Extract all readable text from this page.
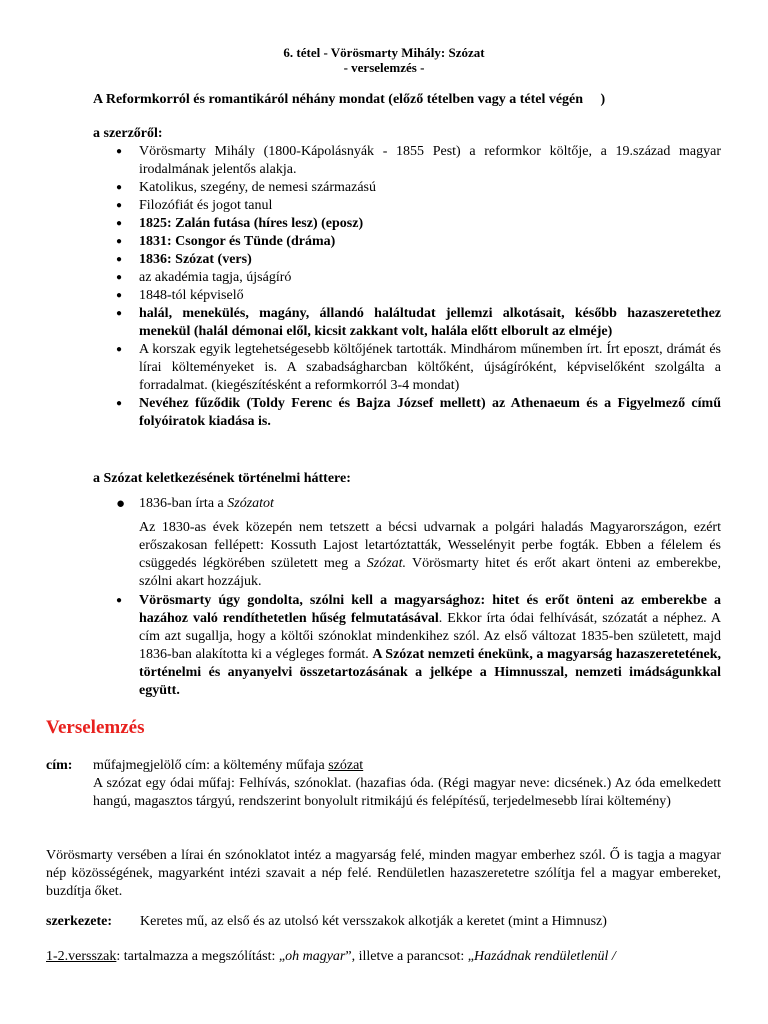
6. tétel - Vörösmarty Mihály: Szózat
- verselemzés -
A Reformkorról és romantikáról néhány mondat (előző tételben vagy a tétel végén     )
a szerzőről:
● Vörösmarty Mihály (1800-Kápolásnyák - 1855 Pest) a reformkor költője, a 19.század magyar irodalmának jelentős alakja.
● Katolikus, szegény, de nemesi származású
● Filozófiát és jogot tanul
● 1825: Zalán futása (híres lesz) (eposz)
● 1831: Csongor és Tünde (dráma)
● 1836: Szózat (vers)
● az akadémia tagja, újságíró
● 1848-tól képviselő
● halál, menekülés, magány, állandó haláltudat jellemzi alkotásait, később hazaszeretethez menekül (halál démonai elől, kicsit zakkant volt, halála előtt elborult az elméje)
● A korszak egyik legtehetségesebb költőjének tartották. Mindhárom műnemben írt. Írt eposzt, drámát és lírai költeményeket is. A szabadságharcban költőként, újságíróként, képviselőként szolgálta a forradalmat. (kiegészítésként a reformkorról 3-4 mondat)
● Nevéhez fűződik (Toldy Ferenc és Bajza József mellett) az Athenaeum és a Figyelmező című folyóiratok kiadása is.
a Szózat keletkezésének történelmi háttere:
● 1836-ban írta a Szózatot
Az 1830-as évek közepén nem tetszett a bécsi udvarnak a polgári haladás Magyarországon, ezért erőszakosan fellépett: Kossuth Lajost letartóztatták, Wesselényit perbe fogták. Ebben a félelem és csüggedés légkörében született meg a Szózat. Vörösmarty hitet és erőt akart önteni az emberekbe, szólni akart hozzájuk.
● Vörösmarty úgy gondolta, szólni kell a magyarsághoz: hitet és erőt önteni az emberekbe a hazához való rendíthetetlen hűség felmutatásával. Ekkor írta ódai felhívását, szózatát a néphez. A cím azt sugallja, hogy a költői szónoklat mindenkihez szól. Az első változat 1835-ben született, majd 1836-ban alakította ki a végleges formát. A Szózat nemzeti énekünk, a magyarság hazaszeretetének, történelmi és anyanyelvi összetartozásának a jelképe a Himnusszal, nemzeti imádságunkkal együtt.
Verselemzés
cím: műfajmegjelölő cím: a költemény műfaja szózat
A szózat egy ódai műfaj: Felhívás, szónoklat. (hazafias óda. (Régi magyar neve: dicsének.) Az óda emelkedett hangú, magasztos tárgyú, rendszerint bonyolult ritmikájú és felépítésű, terjedelmesebb lírai költemény)
Vörösmarty versében a lírai én szónoklatot intéz a magyarság felé, minden magyar emberhez szól. Ő is tagja a magyar nép közösségének, magyarként intézi szavait a nép felé. Rendületlen hazaszeretetre szólítja fel a magyar embereket, buzdítja őket.
szerkezete: Keretes mű, az első és az utolsó két versszakok alkotják a keretet (mint a Himnusz)
1-2.versszak: tartalmazza a megszólítást: „oh magyar”, illetve a parancsot: „Hazádnak rendületlenül /
